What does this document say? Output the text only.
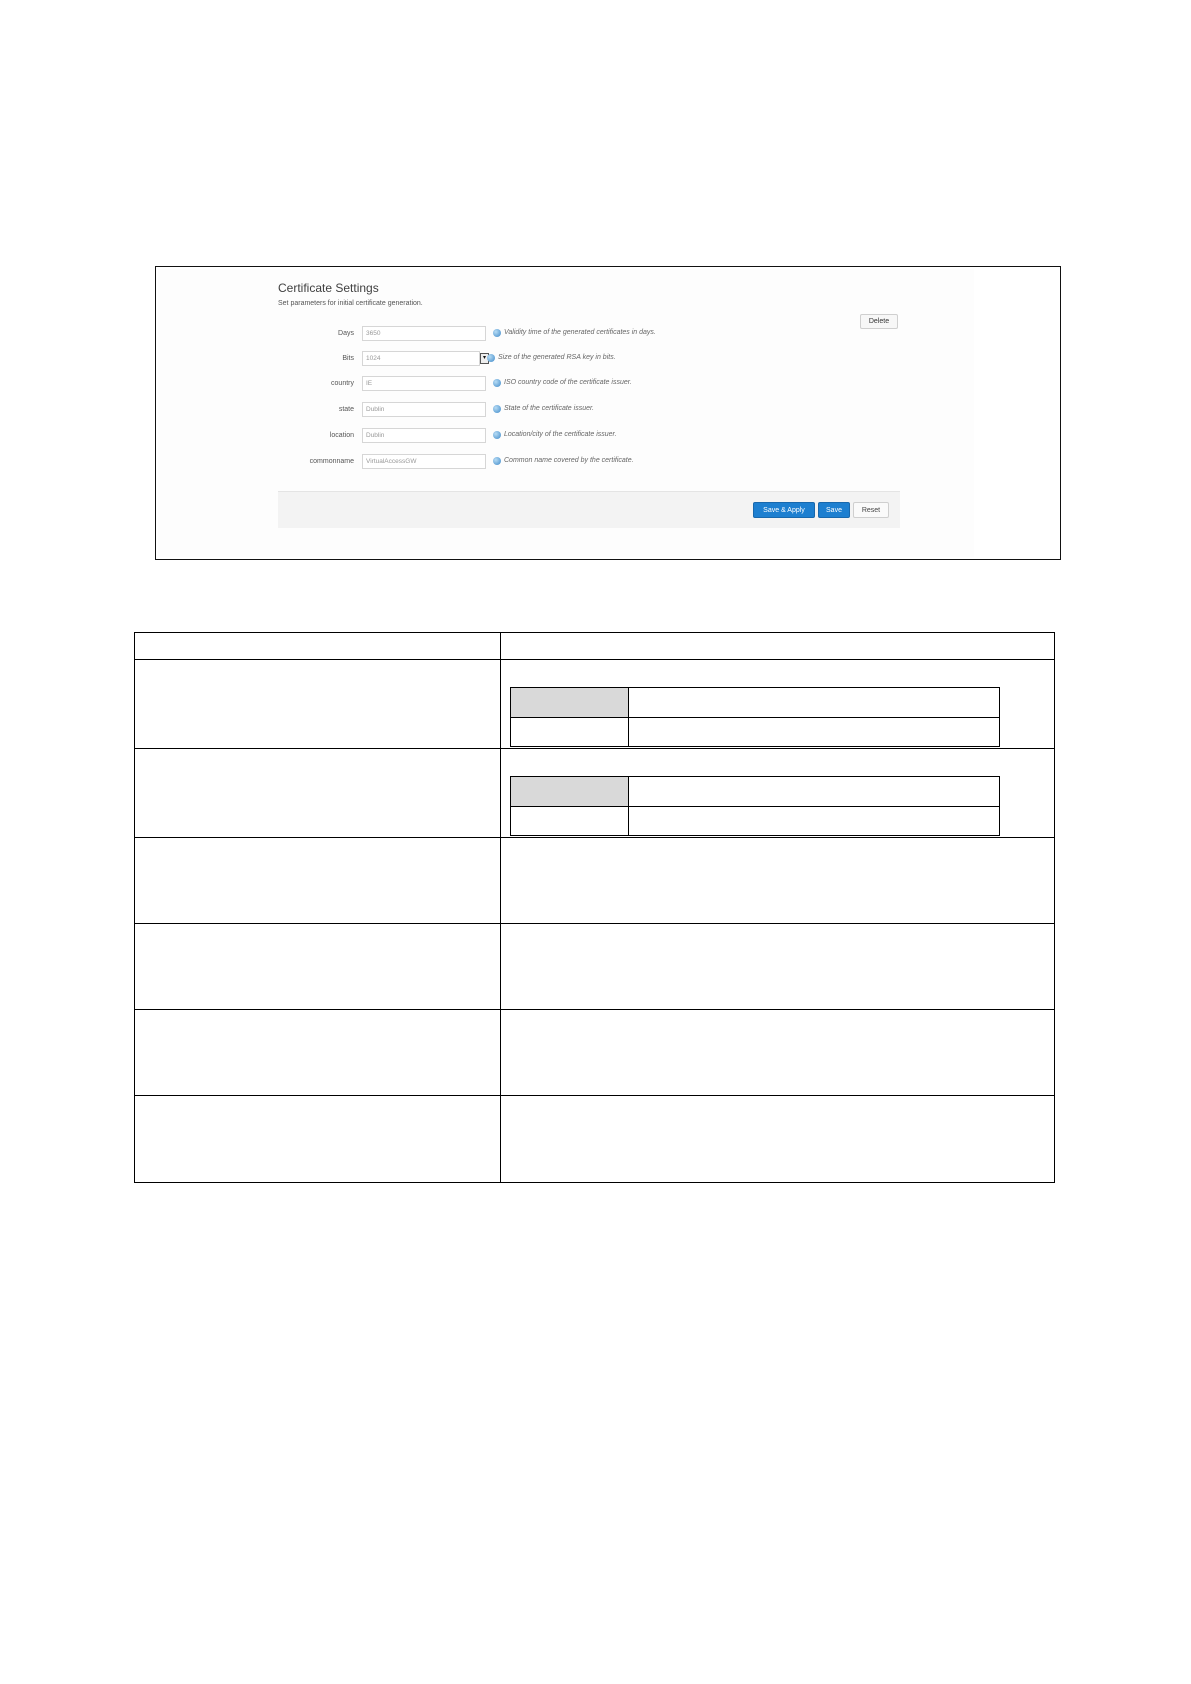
Certificate Settings
Set parameters for initial certificate generation.
Delete
Days	3650	Validity time of the generated certificates in days.
Bits	1024	▾	Size of the generated RSA key in bits.
country	IE	ISO country code of the certificate issuer.
state	Dublin	State of the certificate issuer.
location	Dublin	Location/city of the certificate issuer.
commonname	VirtualAccessGW	Common name covered by the certificate.
Save & Apply	Save	Reset
